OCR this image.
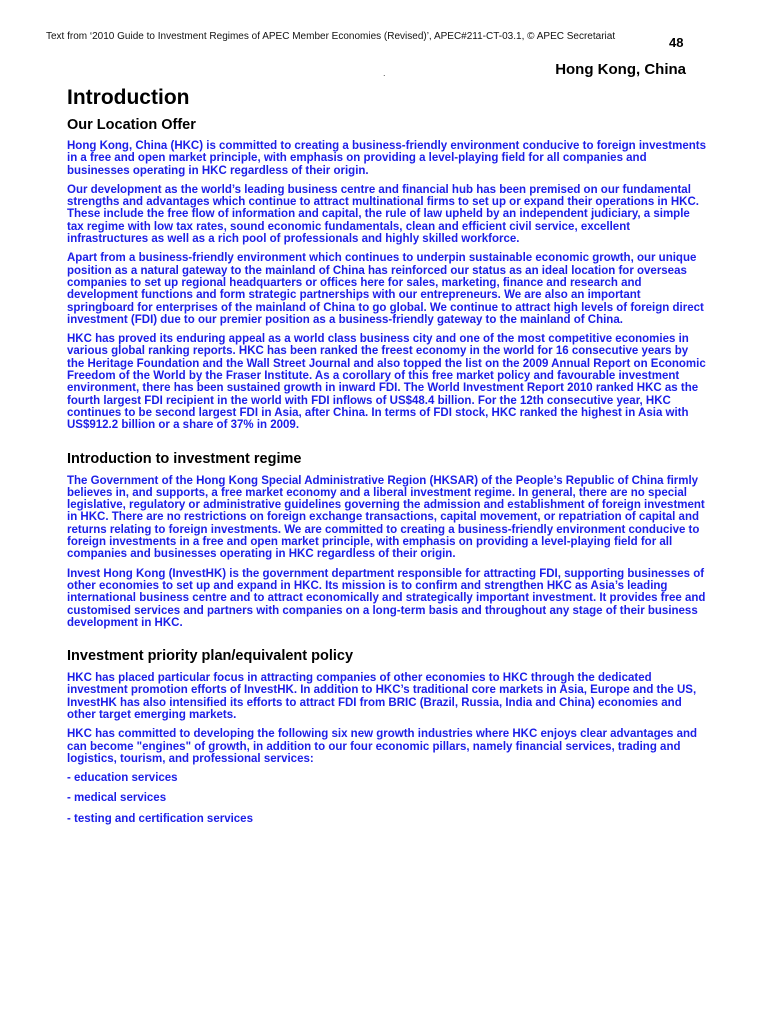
Text from ‘2010 Guide to Investment Regimes of APEC Member Economies (Revised)’, APEC#211-CT-03.1, © APEC Secretariat	48
.	Hong Kong, China
Introduction
Our Location Offer

Hong Kong, China (HKC) is committed to creating a business-friendly environment conducive to foreign investments in a free and open market principle, with emphasis on providing a level-playing field for all companies and businesses operating in HKC regardless of their origin.

Our development as the world’s leading business centre and financial hub has been premised on our fundamental strengths and advantages which continue to attract multinational firms to set up or expand their operations in HKC. These include the free flow of information and capital, the rule of law upheld by an independent judiciary, a simple tax regime with low tax rates, sound economic fundamentals, clean and efficient civil service, excellent infrastructures as well as a rich pool of professionals and highly skilled workforce.

Apart from a business-friendly environment which continues to underpin sustainable economic growth, our unique position as a natural gateway to the mainland of China has reinforced our status as an ideal location for overseas companies to set up regional headquarters or offices here for sales, marketing, finance and research and development functions and form strategic partnerships with our entrepreneurs. We are also an important springboard for enterprises of the mainland of China to go global. We continue to attract high levels of foreign direct investment (FDI) due to our premier position as a business-friendly gateway to the mainland of China.

HKC has proved its enduring appeal as a world class business city and one of the most competitive economies in various global ranking reports. HKC has been ranked the freest economy in the world for 16 consecutive years by the Heritage Foundation and the Wall Street Journal and also topped the list on the 2009 Annual Report on Economic Freedom of the World by the Fraser Institute. As a corollary of this free market policy and favourable investment environment, there has been sustained growth in inward FDI. The World Investment Report 2010 ranked HKC as the fourth largest FDI recipient in the world with FDI inflows of US$48.4 billion. For the 12th consecutive year, HKC continues to be second largest FDI in Asia, after China. In terms of FDI stock, HKC ranked the highest in Asia with US$912.2 billion or a share of 37% in 2009.

Introduction to investment regime

The Government of the Hong Kong Special Administrative Region (HKSAR) of the People’s Republic of China firmly believes in, and supports, a free market economy and a liberal investment regime. In general, there are no special legislative, regulatory or administrative guidelines governing the admission and establishment of foreign investment in HKC. There are no restrictions on foreign exchange transactions, capital movement, or repatriation of capital and returns relating to foreign investments. We are committed to creating a business-friendly environment conducive to foreign investments in a free and open market principle, with emphasis on providing a level-playing field for all companies and businesses operating in HKC regardless of their origin.

Invest Hong Kong (InvestHK) is the government department responsible for attracting FDI, supporting businesses of other economies to set up and expand in HKC. Its mission is to confirm and strengthen HKC as Asia’s leading international business centre and to attract economically and strategically important investment. It provides free and customised services and partners with companies on a long-term basis and throughout any stage of their business development in HKC.

Investment priority plan/equivalent policy

HKC has placed particular focus in attracting companies of other economies to HKC through the dedicated investment promotion efforts of InvestHK. In addition to HKC’s traditional core markets in Asia, Europe and the US, InvestHK has also intensified its efforts to attract FDI from BRIC (Brazil, Russia, India and China) economies and other target emerging markets.

HKC has committed to developing the following six new growth industries where HKC enjoys clear advantages and can become "engines" of growth, in addition to our four economic pillars, namely financial services, trading and logistics, tourism, and professional services:

- education services

- medical services

- testing and certification services
